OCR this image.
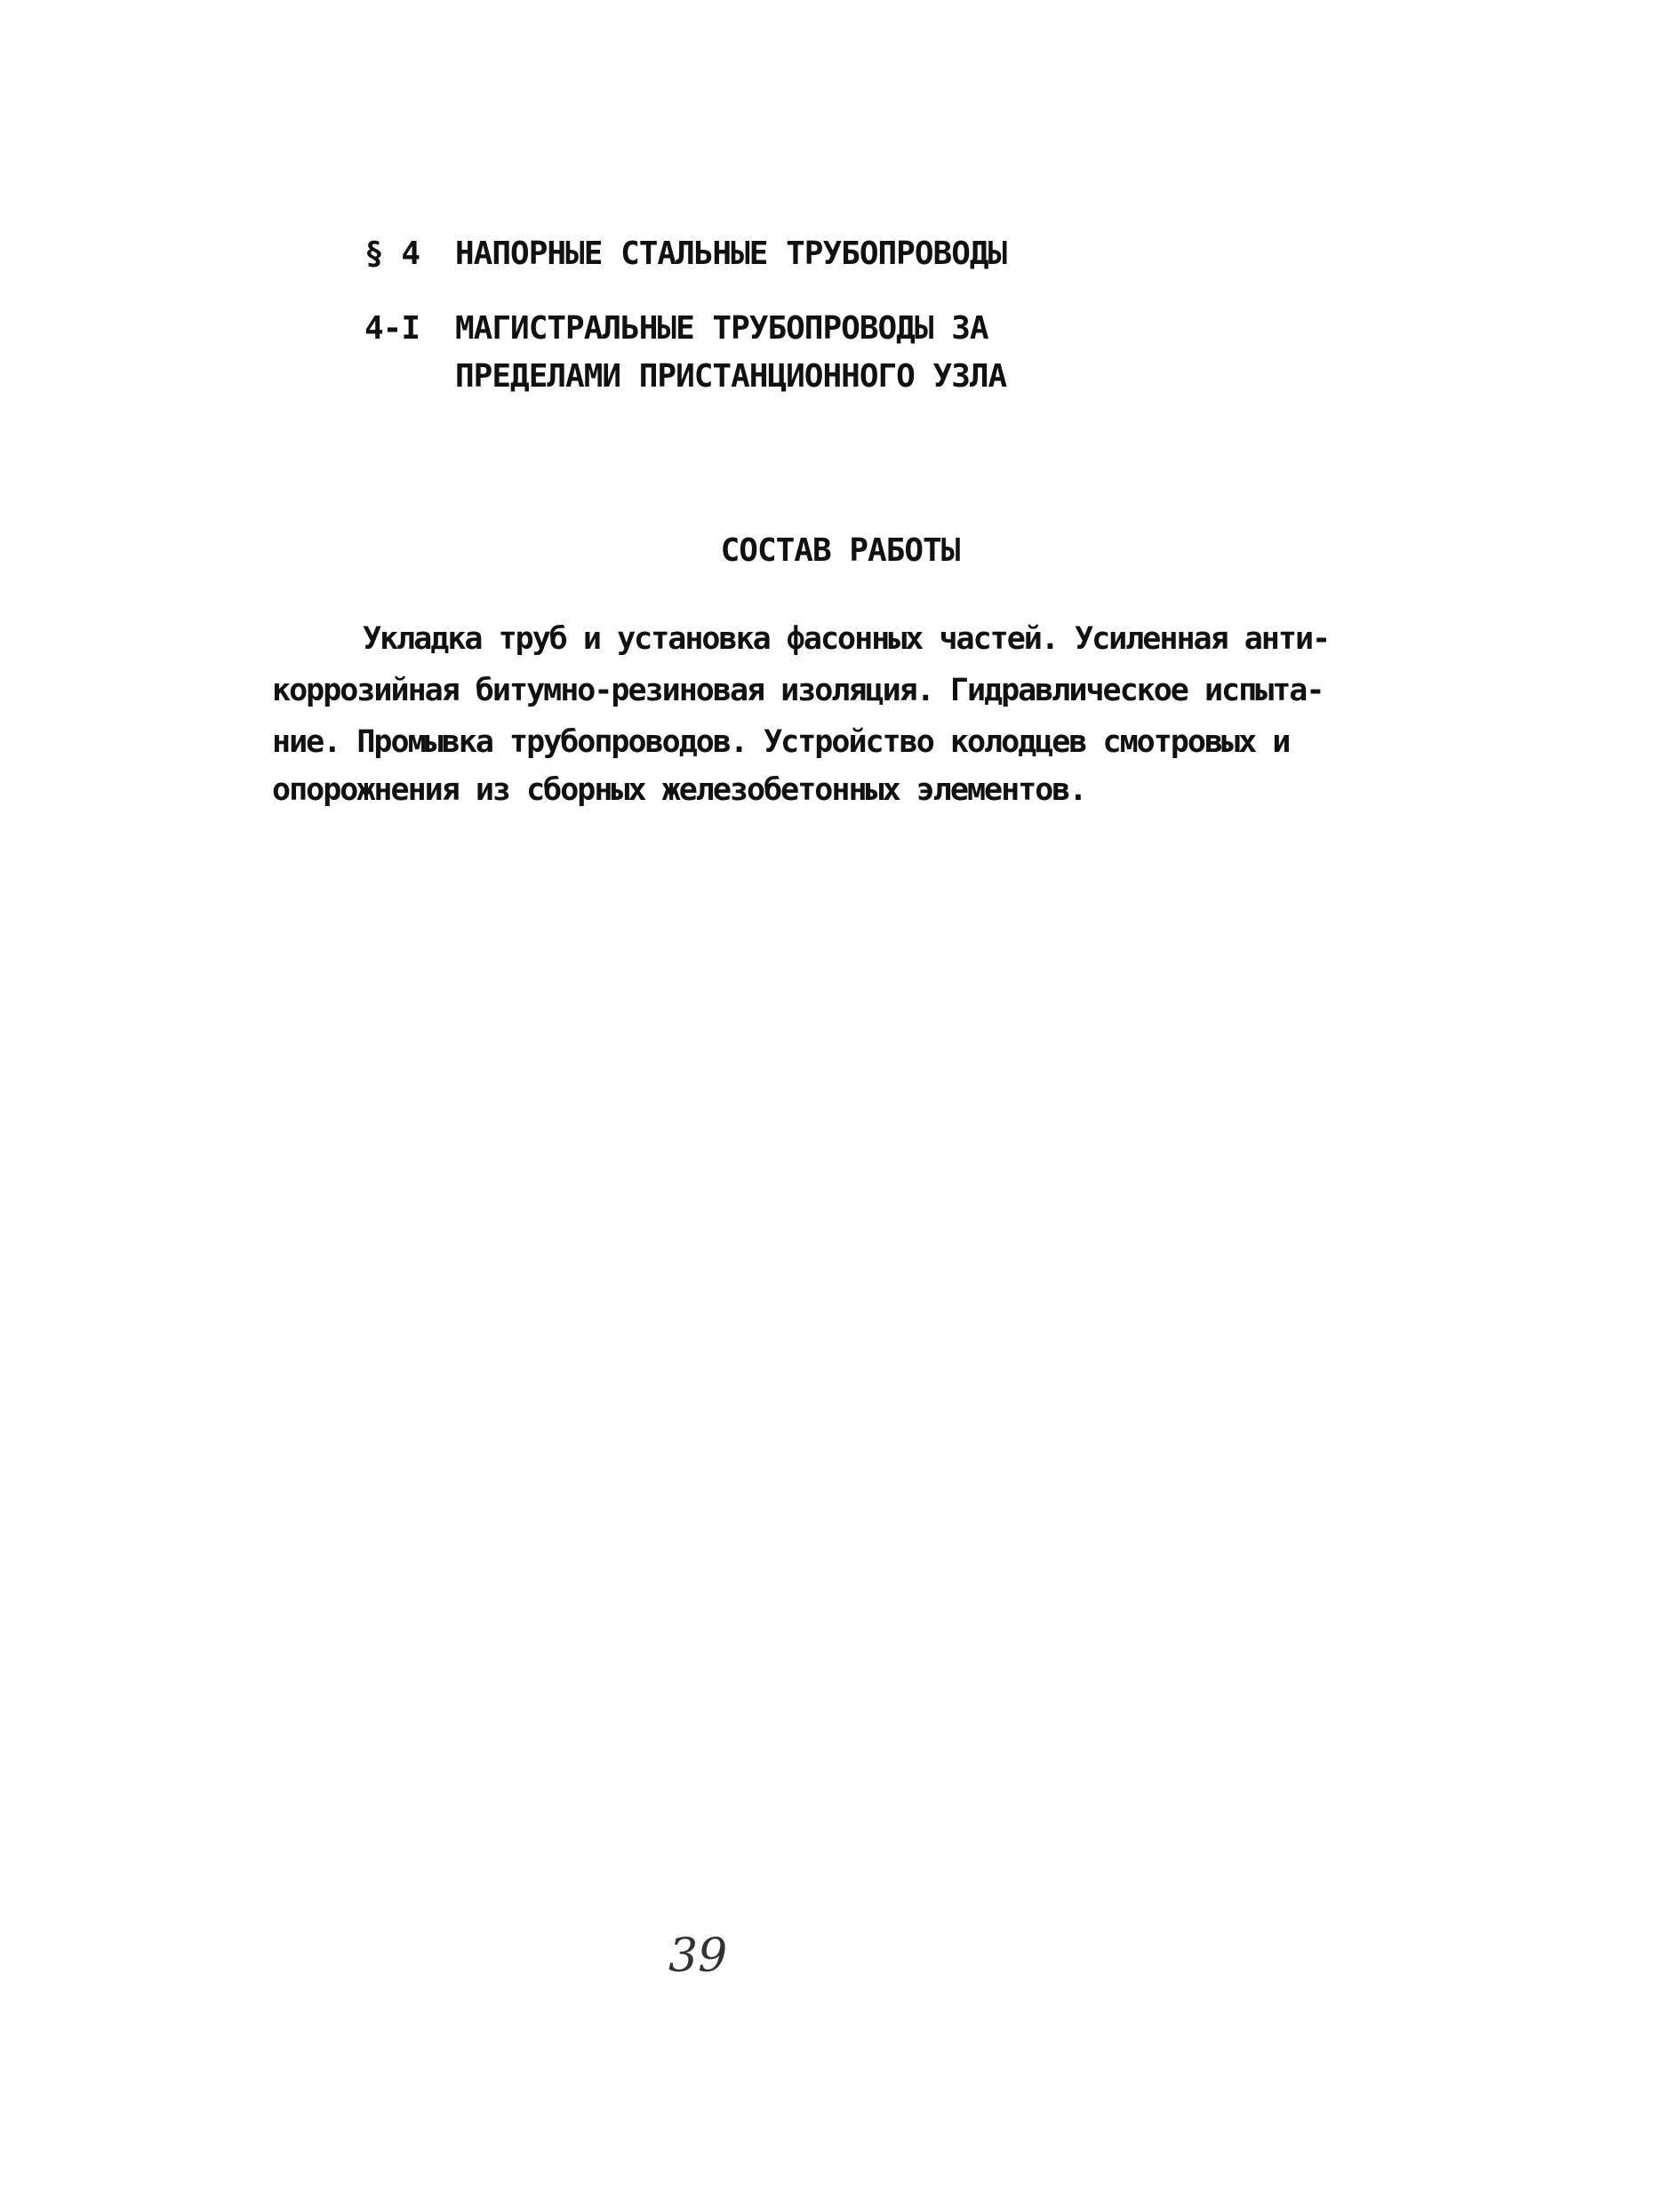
§ 4 НАПОРНЫЕ СТАЛЬНЫЕ ТРУБОПРОВОДЫ
4-I МАГИСТРАЛЬНЫЕ ТРУБОПРОВОДЫ ЗА
ПРЕДЕЛАМИ ПРИСТАНЦИОННОГО УЗЛА
СОСТАВ РАБОТЫ
Укладка труб и установка фасонных частей. Усиленная анти-
коррозийная битумно-резиновая изоляция. Гидравлическое испыта-
ние. Промывка трубопроводов. Устройство колодцев смотровых и
опорожнения из сборных железобетонных элементов.
39
